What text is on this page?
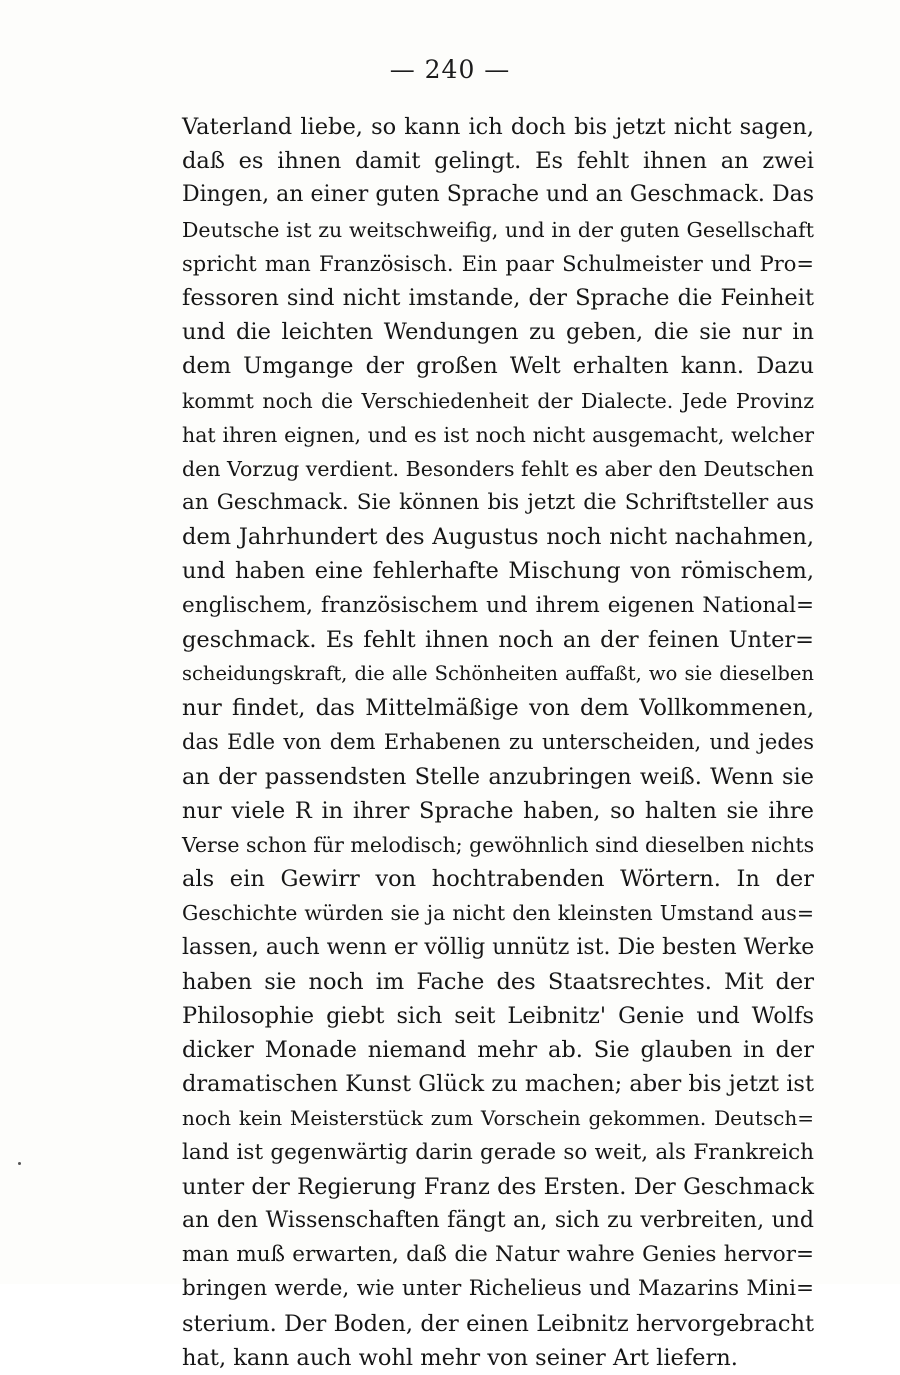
— 240 —
Vaterland liebe, so kann ich doch bis jetzt nicht sagen,
daß es ihnen damit gelingt. Es fehlt ihnen an zwei
Dingen, an einer guten Sprache und an Geschmack. Das
Deutsche ist zu weitschweifig, und in der guten Gesellschaft
spricht man Französisch. Ein paar Schulmeister und Pro=
fessoren sind nicht imstande, der Sprache die Feinheit
und die leichten Wendungen zu geben, die sie nur in
dem Umgange der großen Welt erhalten kann. Dazu
kommt noch die Verschiedenheit der Dialecte. Jede Provinz
hat ihren eignen, und es ist noch nicht ausgemacht, welcher
den Vorzug verdient. Besonders fehlt es aber den Deutschen
an Geschmack. Sie können bis jetzt die Schriftsteller aus
dem Jahrhundert des Augustus noch nicht nachahmen,
und haben eine fehlerhafte Mischung von römischem,
englischem, französischem und ihrem eigenen National=
geschmack. Es fehlt ihnen noch an der feinen Unter=
scheidungskraft, die alle Schönheiten auffaßt, wo sie dieselben
nur findet, das Mittelmäßige von dem Vollkommenen,
das Edle von dem Erhabenen zu unterscheiden, und jedes
an der passendsten Stelle anzubringen weiß. Wenn sie
nur viele R in ihrer Sprache haben, so halten sie ihre
Verse schon für melodisch; gewöhnlich sind dieselben nichts
als ein Gewirr von hochtrabenden Wörtern. In der
Geschichte würden sie ja nicht den kleinsten Umstand aus=
lassen, auch wenn er völlig unnütz ist. Die besten Werke
haben sie noch im Fache des Staatsrechtes. Mit der
Philosophie giebt sich seit Leibnitz' Genie und Wolfs
dicker Monade niemand mehr ab. Sie glauben in der
dramatischen Kunst Glück zu machen; aber bis jetzt ist
noch kein Meisterstück zum Vorschein gekommen. Deutsch=
land ist gegenwärtig darin gerade so weit, als Frankreich
unter der Regierung Franz des Ersten. Der Geschmack
an den Wissenschaften fängt an, sich zu verbreiten, und
man muß erwarten, daß die Natur wahre Genies hervor=
bringen werde, wie unter Richelieus und Mazarins Mini=
sterium. Der Boden, der einen Leibnitz hervorgebracht
hat, kann auch wohl mehr von seiner Art liefern.
